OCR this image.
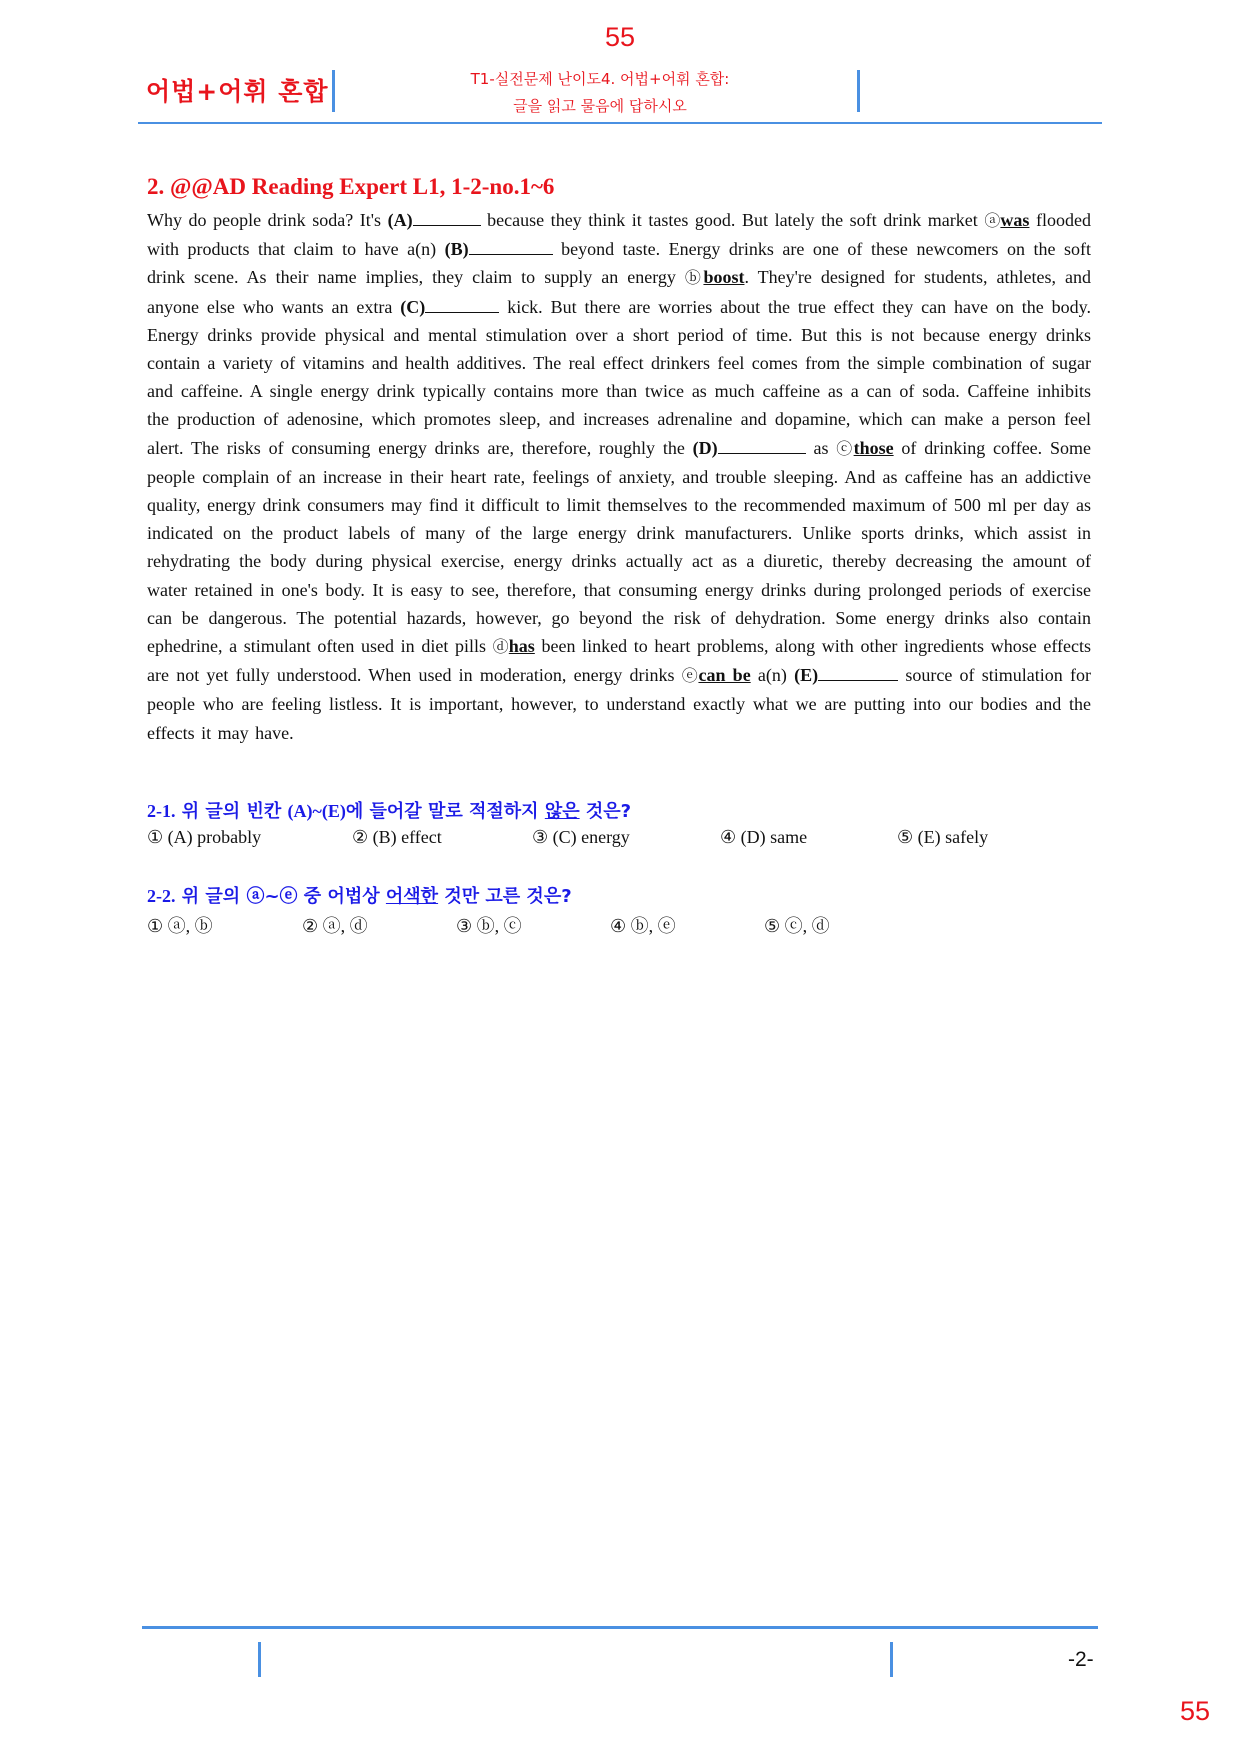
55
어법+어휘 혼합	T1-실전문제 난이도4. 어법+어휘 혼합:
글을 읽고 물음에 답하시오
2. @@AD Reading Expert L1, 1-2-no.1~6
Why do people drink soda? It's (A)	because they think it tastes good. But lately the soft drink market ⓐwas flooded with products that claim to have a(n) (B)	beyond taste. Energy drinks are one of these newcomers on the soft drink scene. As their name implies, they claim to supply an energy ⓑboost. They're designed for students, athletes, and anyone else who wants an extra (C)	kick. But there are worries about the true effect they can have on the body. Energy drinks provide physical and mental stimulation over a short period of time. But this is not because energy drinks contain a variety of vitamins and health additives. The real effect drinkers feel comes from the simple combination of sugar and caffeine. A single energy drink typically contains more than twice as much caffeine as a can of soda. Caffeine inhibits the production of adenosine, which promotes sleep, and increases adrenaline and dopamine, which can make a person feel alert. The risks of consuming energy drinks are, therefore, roughly the (D)	as ⓒthose of drinking coffee. Some people complain of an increase in their heart rate, feelings of anxiety, and trouble sleeping. And as caffeine has an addictive quality, energy drink consumers may find it difficult to limit themselves to the recommended maximum of 500 ml per day as indicated on the product labels of many of the large energy drink manufacturers. Unlike sports drinks, which assist in rehydrating the body during physical exercise, energy drinks actually act as a diuretic, thereby decreasing the amount of water retained in one's body. It is easy to see, therefore, that consuming energy drinks during prolonged periods of exercise can be dangerous. The potential hazards, however, go beyond the risk of dehydration. Some energy drinks also contain ephedrine, a stimulant often used in diet pills ⓓhas been linked to heart problems, along with other ingredients whose effects are not yet fully understood. When used in moderation, energy drinks ⓔcan be a(n) (E)	source of stimulation for people who are feeling listless. It is important, however, to understand exactly what we are putting into our bodies and the effects it may have.
2-1. 위 글의 빈칸 (A)~(E)에 들어갈 말로 적절하지 않은 것은?
① (A) probably	② (B) effect	③ (C) energy	④ (D) same	⑤ (E) safely
2-2. 위 글의 ⓐ~ⓔ 중 어법상 어색한 것만 고른 것은?
① ⓐ, ⓑ	② ⓐ, ⓓ	③ ⓑ, ⓒ	④ ⓑ, ⓔ	⑤ ⓒ, ⓓ
-2-
55
